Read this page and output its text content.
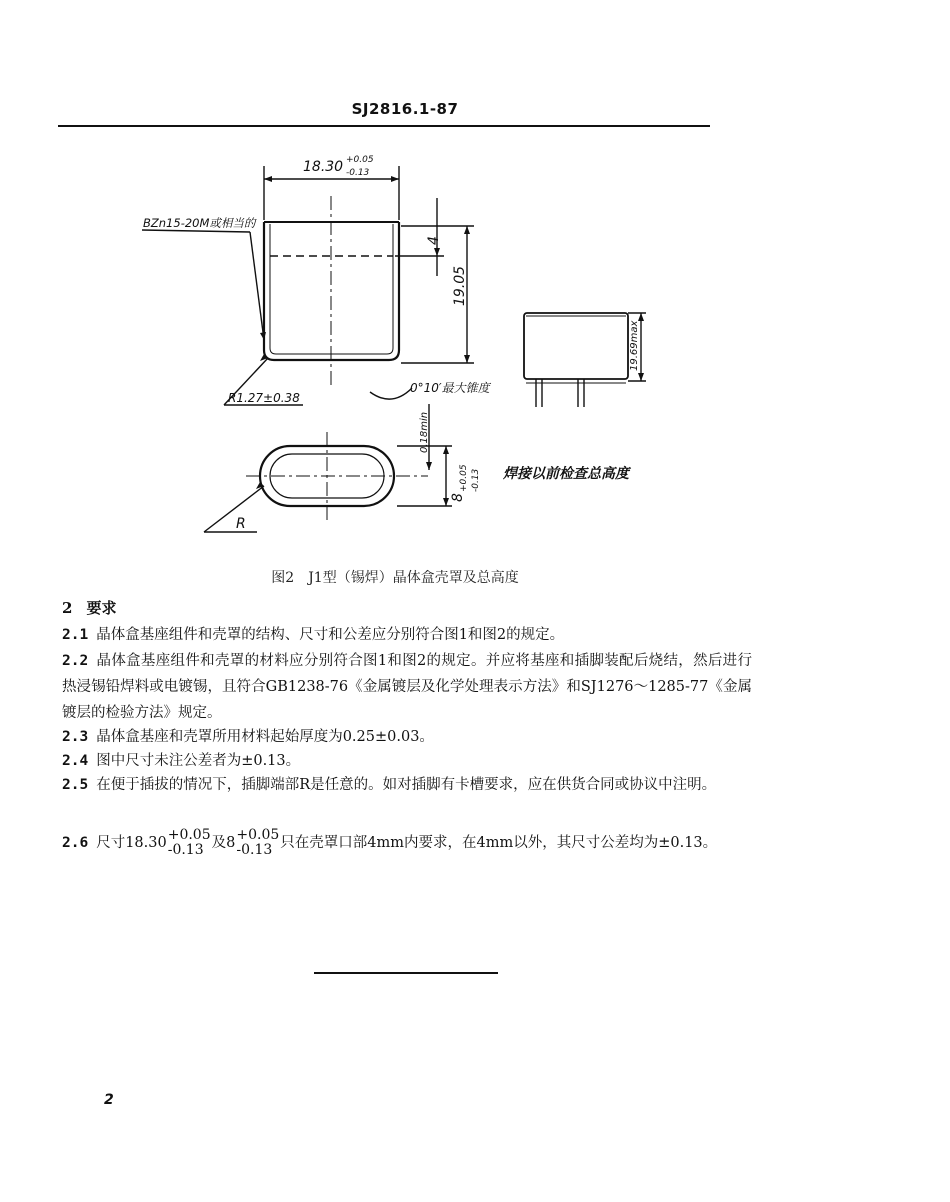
SJ2816.1-87
18.30 +0.05
-0.13
BZn15-20M或相当的
4
19.05
R1.27±0.38
0°10′最大锥度
19.69max
0.18min
8
+0.05 -0.13
R
焊接以前检查总高度
图2　J1型（锡焊）晶体盒壳罩及总高度
2 要求
2.1 晶体盒基座组件和壳罩的结构、尺寸和公差应分别符合图1和图2的规定。
2.2 晶体盒基座组件和壳罩的材料应分别符合图1和图2的规定。并应将基座和插脚装配后烧结，然后进行热浸锡铅焊料或电镀锡，且符合GB1238-76《金属镀层及化学处理表示方法》和SJ1276～1285-77《金属镀层的检验方法》规定。
2.3 晶体盒基座和壳罩所用材料起始厚度为0.25±0.03。
2.4 图中尺寸未注公差者为±0.13。
2.5 在便于插拔的情况下，插脚端部R是任意的。如对插脚有卡槽要求，应在供货合同或协议中注明。
2.6 尺寸18.30 +0.05
-0.13 及8 +0.05
-0.13 只在壳罩口部4mm内要求，在4mm以外，其尺寸公差均为±0.13。
2
